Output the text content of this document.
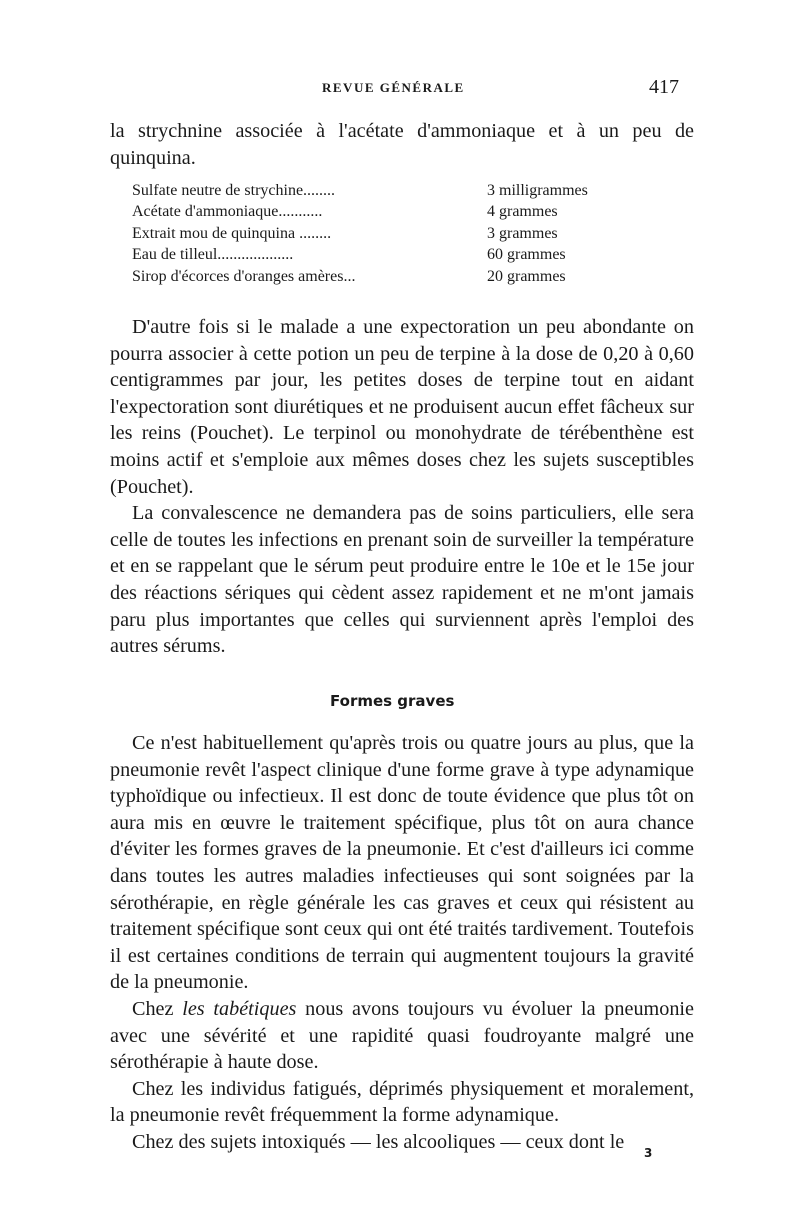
REVUE GÉNÉRALE	417

la strychnine associée à l'acétate d'ammoniaque et à un peu de quinquina.

Sulfate neutre de strychine........	3 milligrammes
Acétate d'ammoniaque...........	4 grammes
Extrait mou de quinquina ........	3 grammes
Eau de tilleul...................	60 grammes
Sirop d'écorces d'oranges amères...	20 grammes

D'autre fois si le malade a une expectoration un peu abondante on pourra associer à cette potion un peu de terpine à la dose de 0,20 à 0,60 centigrammes par jour, les petites doses de terpine tout en aidant l'expectoration sont diurétiques et ne produisent aucun effet fâcheux sur les reins (Pouchet). Le terpinol ou monohydrate de térébenthène est moins actif et s'emploie aux mêmes doses chez les sujets susceptibles (Pouchet).

La convalescence ne demandera pas de soins particuliers, elle sera celle de toutes les infections en prenant soin de surveiller la température et en se rappelant que le sérum peut produire entre le 10e et le 15e jour des réactions sériques qui cèdent assez rapidement et ne m'ont jamais paru plus importantes que celles qui surviennent après l'emploi des autres sérums.

Formes graves

Ce n'est habituellement qu'après trois ou quatre jours au plus, que la pneumonie revêt l'aspect clinique d'une forme grave à type adynamique typhoïdique ou infectieux. Il est donc de toute évidence que plus tôt on aura mis en œuvre le traitement spécifique, plus tôt on aura chance d'éviter les formes graves de la pneumonie. Et c'est d'ailleurs ici comme dans toutes les autres maladies infectieuses qui sont soignées par la sérothérapie, en règle générale les cas graves et ceux qui résistent au traitement spécifique sont ceux qui ont été traités tardivement. Toutefois il est certaines conditions de terrain qui augmentent toujours la gravité de la pneumonie.

Chez les tabétiques nous avons toujours vu évoluer la pneumonie avec une sévérité et une rapidité quasi foudroyante malgré une sérothérapie à haute dose.

Chez les individus fatigués, déprimés physiquement et moralement, la pneumonie revêt fréquemment la forme adynamique.

Chez des sujets intoxiqués — les alcooliques — ceux dont le

3
